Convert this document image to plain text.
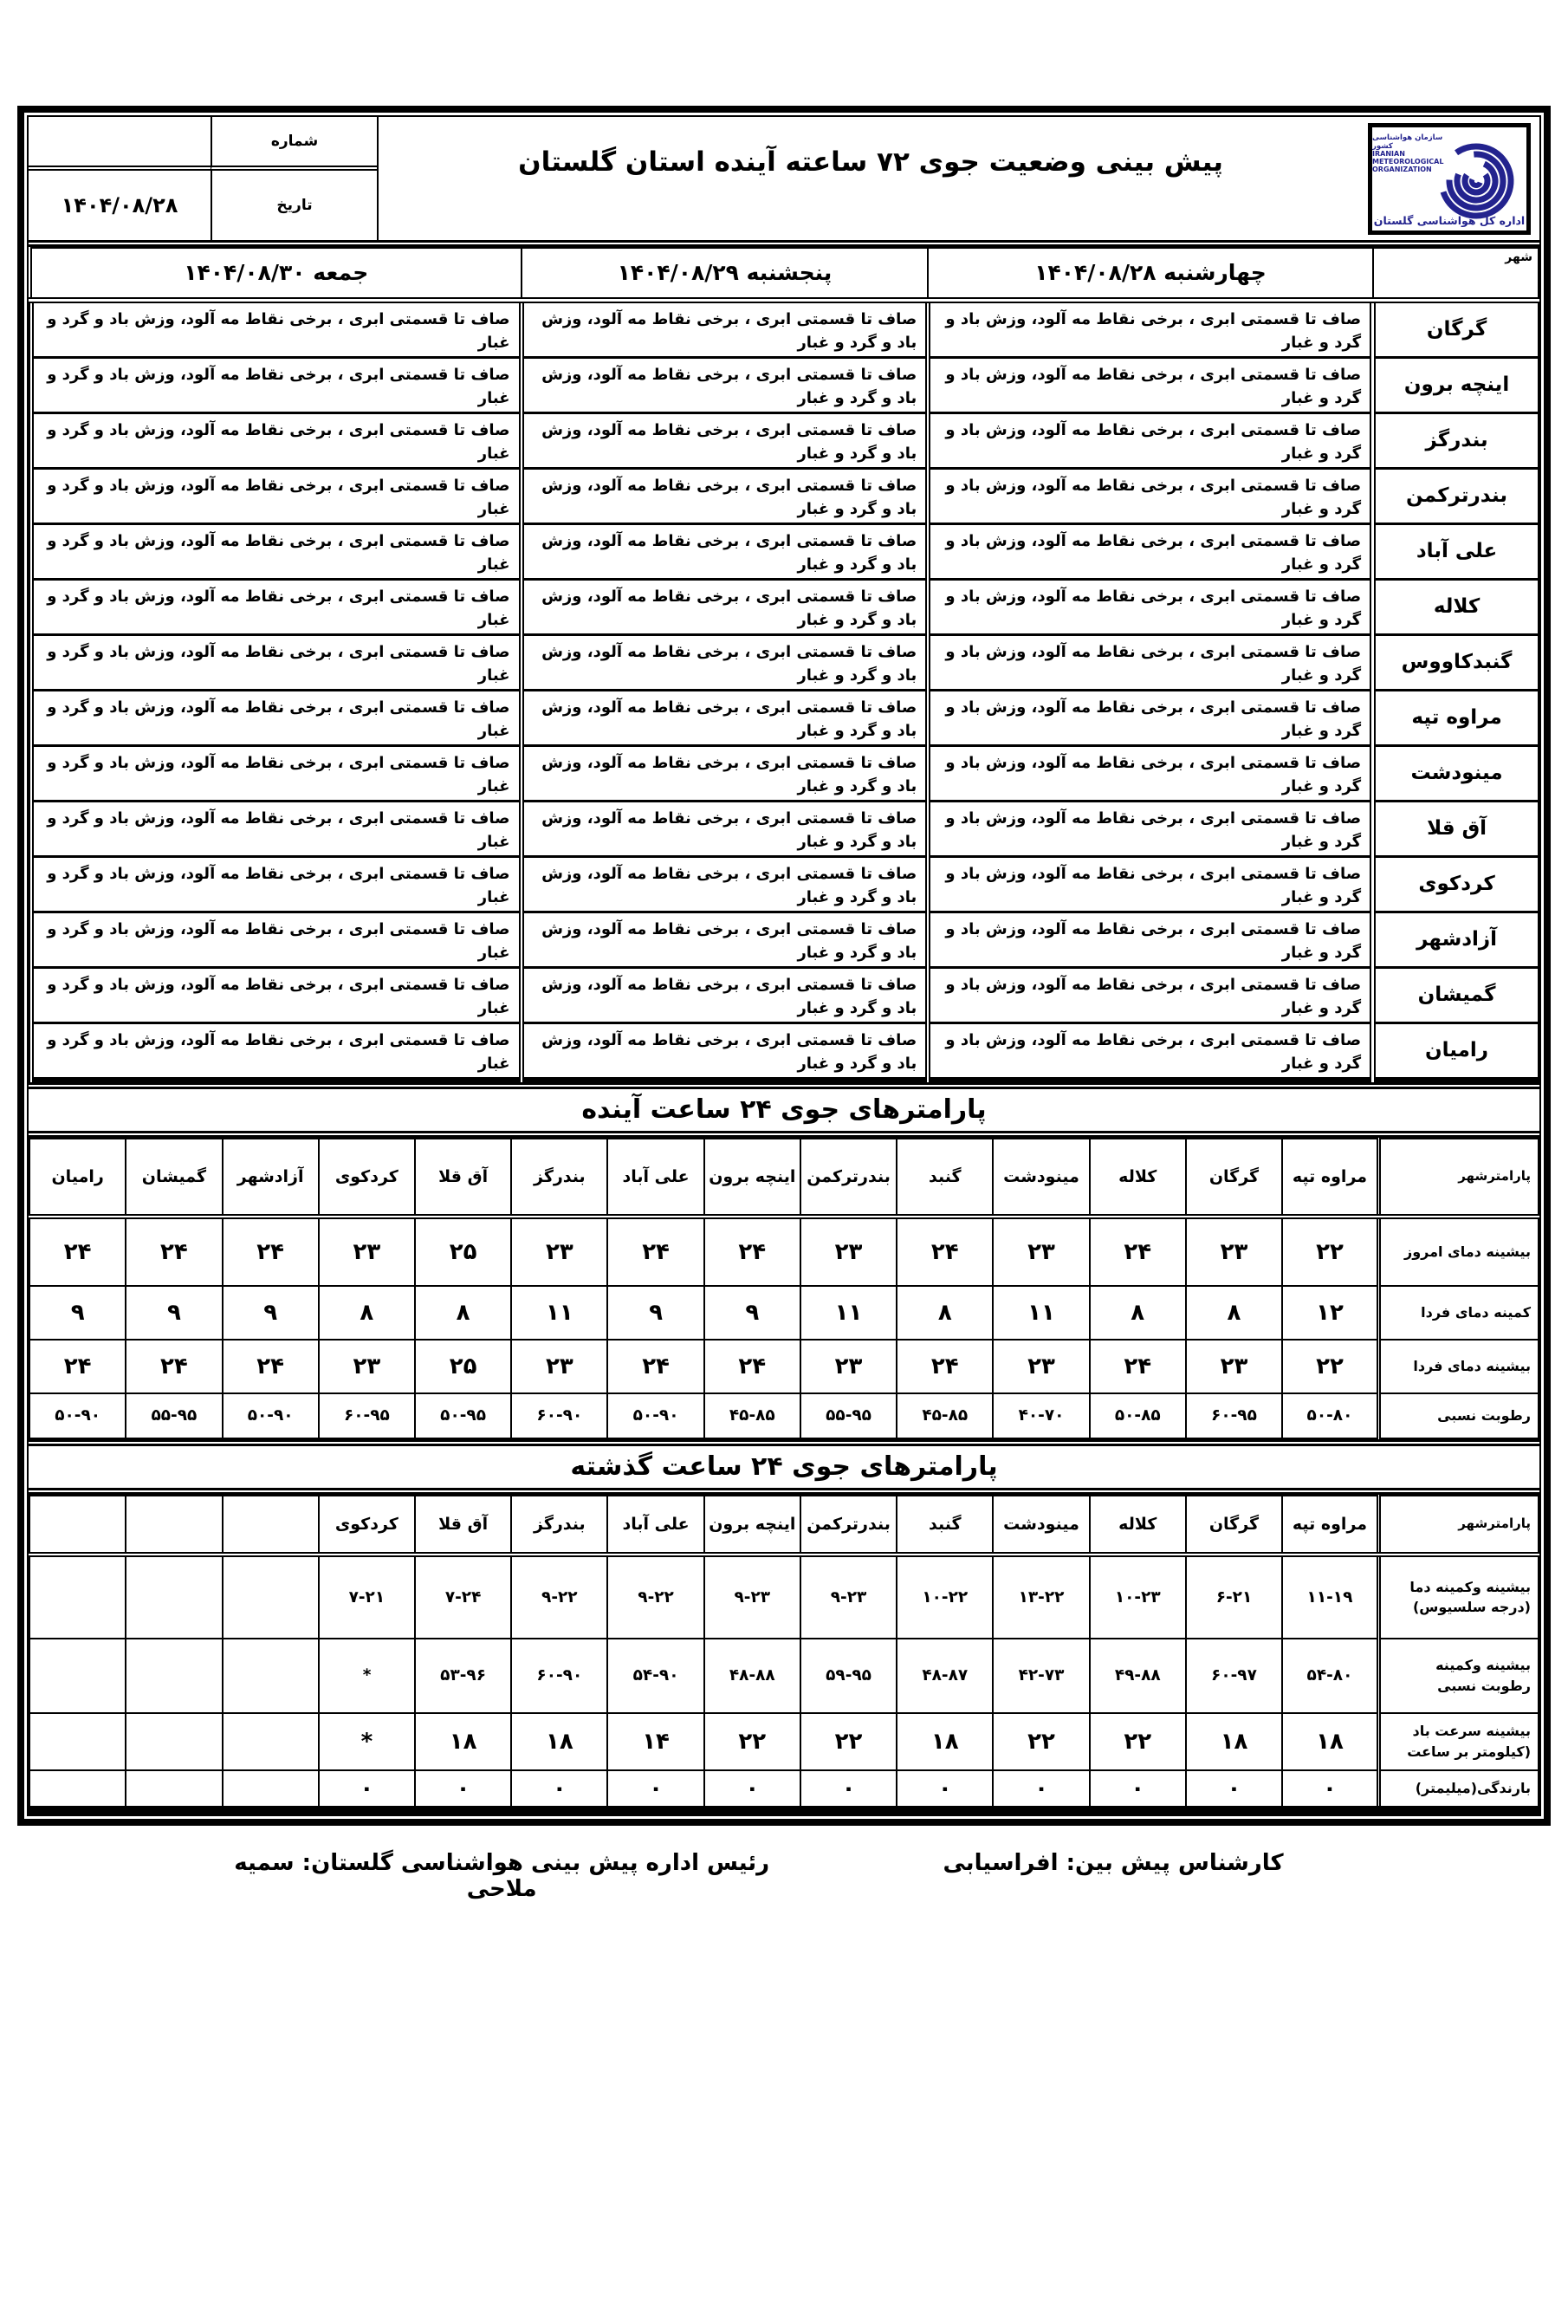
سازمان هواشناسی كشور
IRANIAN
METEOROLOGICAL
ORGANIZATION
اداره کل هواشناسی گلستان
پیش بینی وضعیت جوی ۷۲ ساعته آینده استان گلستان
شماره
تاریخ
۱۴۰۴/۰۸/۲۸
شهر	چهارشنبه ۱۴۰۴/۰۸/۲۸	پنجشنبه ۱۴۰۴/۰۸/۲۹	جمعه ۱۴۰۴/۰۸/۳۰
گرگان	صاف تا قسمتی ابری ، برخی نقاط مه آلود، وزش باد و گرد و غبار	صاف تا قسمتی ابری ، برخی نقاط مه آلود، وزش باد و گرد و غبار	صاف تا قسمتی ابری ، برخی نقاط مه آلود، وزش باد و گرد و غبار
اینچه برون	صاف تا قسمتی ابری ، برخی نقاط مه آلود، وزش باد و گرد و غبار	صاف تا قسمتی ابری ، برخی نقاط مه آلود، وزش باد و گرد و غبار	صاف تا قسمتی ابری ، برخی نقاط مه آلود، وزش باد و گرد و غبار
بندرگز	صاف تا قسمتی ابری ، برخی نقاط مه آلود، وزش باد و گرد و غبار	صاف تا قسمتی ابری ، برخی نقاط مه آلود، وزش باد و گرد و غبار	صاف تا قسمتی ابری ، برخی نقاط مه آلود، وزش باد و گرد و غبار
بندرترکمن	صاف تا قسمتی ابری ، برخی نقاط مه آلود، وزش باد و گرد و غبار	صاف تا قسمتی ابری ، برخی نقاط مه آلود، وزش باد و گرد و غبار	صاف تا قسمتی ابری ، برخی نقاط مه آلود، وزش باد و گرد و غبار
علی آباد	صاف تا قسمتی ابری ، برخی نقاط مه آلود، وزش باد و گرد و غبار	صاف تا قسمتی ابری ، برخی نقاط مه آلود، وزش باد و گرد و غبار	صاف تا قسمتی ابری ، برخی نقاط مه آلود، وزش باد و گرد و غبار
کلاله	صاف تا قسمتی ابری ، برخی نقاط مه آلود، وزش باد و گرد و غبار	صاف تا قسمتی ابری ، برخی نقاط مه آلود، وزش باد و گرد و غبار	صاف تا قسمتی ابری ، برخی نقاط مه آلود، وزش باد و گرد و غبار
گنبدکاووس	صاف تا قسمتی ابری ، برخی نقاط مه آلود، وزش باد و گرد و غبار	صاف تا قسمتی ابری ، برخی نقاط مه آلود، وزش باد و گرد و غبار	صاف تا قسمتی ابری ، برخی نقاط مه آلود، وزش باد و گرد و غبار
مراوه تپه	صاف تا قسمتی ابری ، برخی نقاط مه آلود، وزش باد و گرد و غبار	صاف تا قسمتی ابری ، برخی نقاط مه آلود، وزش باد و گرد و غبار	صاف تا قسمتی ابری ، برخی نقاط مه آلود، وزش باد و گرد و غبار
مینودشت	صاف تا قسمتی ابری ، برخی نقاط مه آلود، وزش باد و گرد و غبار	صاف تا قسمتی ابری ، برخی نقاط مه آلود، وزش باد و گرد و غبار	صاف تا قسمتی ابری ، برخی نقاط مه آلود، وزش باد و گرد و غبار
آق قلا	صاف تا قسمتی ابری ، برخی نقاط مه آلود، وزش باد و گرد و غبار	صاف تا قسمتی ابری ، برخی نقاط مه آلود، وزش باد و گرد و غبار	صاف تا قسمتی ابری ، برخی نقاط مه آلود، وزش باد و گرد و غبار
کردکوی	صاف تا قسمتی ابری ، برخی نقاط مه آلود، وزش باد و گرد و غبار	صاف تا قسمتی ابری ، برخی نقاط مه آلود، وزش باد و گرد و غبار	صاف تا قسمتی ابری ، برخی نقاط مه آلود، وزش باد و گرد و غبار
آزادشهر	صاف تا قسمتی ابری ، برخی نقاط مه آلود، وزش باد و گرد و غبار	صاف تا قسمتی ابری ، برخی نقاط مه آلود، وزش باد و گرد و غبار	صاف تا قسمتی ابری ، برخی نقاط مه آلود، وزش باد و گرد و غبار
گمیشان	صاف تا قسمتی ابری ، برخی نقاط مه آلود، وزش باد و گرد و غبار	صاف تا قسمتی ابری ، برخی نقاط مه آلود، وزش باد و گرد و غبار	صاف تا قسمتی ابری ، برخی نقاط مه آلود، وزش باد و گرد و غبار
رامیان	صاف تا قسمتی ابری ، برخی نقاط مه آلود، وزش باد و گرد و غبار	صاف تا قسمتی ابری ، برخی نقاط مه آلود، وزش باد و گرد و غبار	صاف تا قسمتی ابری ، برخی نقاط مه آلود، وزش باد و گرد و غبار
پارامترهای جوی ۲۴ ساعت آینده
پارامترشهر	مراوه تپه	گرگان	کلاله	مینودشت	گنبد	بندرترکمن	اینچه برون	علی آباد	بندرگز	آق قلا	کردکوی	آزادشهر	گمیشان	رامیان
بیشینه دمای امروز	۲۲	۲۳	۲۴	۲۳	۲۴	۲۳	۲۴	۲۴	۲۳	۲۵	۲۳	۲۴	۲۴	۲۴
کمینه دمای فردا	۱۲	۸	۸	۱۱	۸	۱۱	۹	۹	۱۱	۸	۸	۹	۹	۹
بیشینه دمای فردا	۲۲	۲۳	۲۴	۲۳	۲۴	۲۳	۲۴	۲۴	۲۳	۲۵	۲۳	۲۴	۲۴	۲۴
رطوبت نسبی	۵۰-۸۰	۶۰-۹۵	۵۰-۸۵	۴۰-۷۰	۴۵-۸۵	۵۵-۹۵	۴۵-۸۵	۵۰-۹۰	۶۰-۹۰	۵۰-۹۵	۶۰-۹۵	۵۰-۹۰	۵۵-۹۵	۵۰-۹۰
پارامترهای جوی ۲۴ ساعت گذشته
پارامترشهر	مراوه تپه	گرگان	کلاله	مینودشت	گنبد	بندرترکمن	اینچه برون	علی آباد	بندرگز	آق قلا	کردکوی			
بیشینه وکمینه دما (درجه سلسیوس)	۱۱-۱۹	۶-۲۱	۱۰-۲۳	۱۳-۲۲	۱۰-۲۲	۹-۲۳	۹-۲۳	۹-۲۲	۹-۲۲	۷-۲۴	۷-۲۱			
بیشینه وکمینه رطوبت نسبی	۵۴-۸۰	۶۰-۹۷	۴۹-۸۸	۴۲-۷۳	۴۸-۸۷	۵۹-۹۵	۴۸-۸۸	۵۴-۹۰	۶۰-۹۰	۵۳-۹۶	*			
بیشینه سرعت باد (کیلومتر بر ساعت	۱۸	۱۸	۲۲	۲۲	۱۸	۲۲	۲۲	۱۴	۱۸	۱۸	*			
بارندگی(میلیمتر)	۰	۰	۰	۰	۰	۰	۰	۰	۰	۰	۰			
کارشناس پیش بین: افراسیابی
رئیس اداره پیش بینی هواشناسی گلستان: سمیه ملاحی
